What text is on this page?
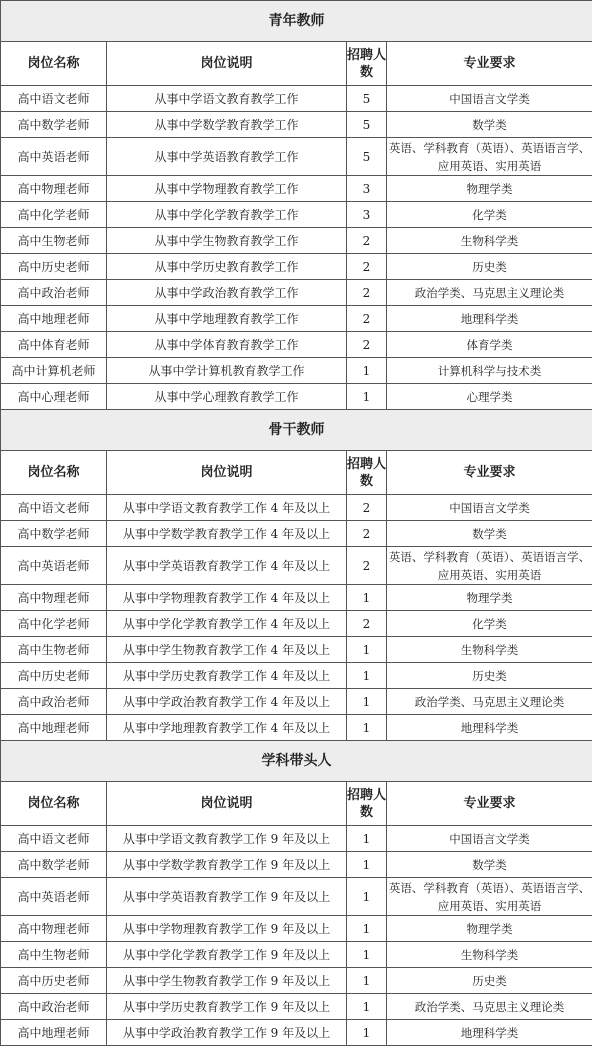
青年教师			
岗位名称	岗位说明	招聘人数	专业要求
高中语文老师	从事中学语文教育教学工作	5	中国语言文学类
高中数学老师	从事中学数学教育教学工作	5	数学类
高中英语老师	从事中学英语教育教学工作	5	英语、学科教育（英语）、英语语言学、应用英语、实用英语
高中物理老师	从事中学物理教育教学工作	3	物理学类
高中化学老师	从事中学化学教育教学工作	3	化学类
高中生物老师	从事中学生物教育教学工作	2	生物科学类
高中历史老师	从事中学历史教育教学工作	2	历史类
高中政治老师	从事中学政治教育教学工作	2	政治学类、马克思主义理论类
高中地理老师	从事中学地理教育教学工作	2	地理科学类
高中体育老师	从事中学体育教育教学工作	2	体育学类
高中计算机老师	从事中学计算机教育教学工作	1	计算机科学与技术类
高中心理老师	从事中学心理教育教学工作	1	心理学类
骨干教师			
岗位名称	岗位说明	招聘人数	专业要求
高中语文老师	从事中学语文教育教学工作 4 年及以上	2	中国语言文学类
高中数学老师	从事中学数学教育教学工作 4 年及以上	2	数学类
高中英语老师	从事中学英语教育教学工作 4 年及以上	2	英语、学科教育（英语）、英语语言学、应用英语、实用英语
高中物理老师	从事中学物理教育教学工作 4 年及以上	1	物理学类
高中化学老师	从事中学化学教育教学工作 4 年及以上	2	化学类
高中生物老师	从事中学生物教育教学工作 4 年及以上	1	生物科学类
高中历史老师	从事中学历史教育教学工作 4 年及以上	1	历史类
高中政治老师	从事中学政治教育教学工作 4 年及以上	1	政治学类、马克思主义理论类
高中地理老师	从事中学地理教育教学工作 4 年及以上	1	地理科学类
学科带头人			
岗位名称	岗位说明	招聘人数	专业要求
高中语文老师	从事中学语文教育教学工作 9 年及以上	1	中国语言文学类
高中数学老师	从事中学数学教育教学工作 9 年及以上	1	数学类
高中英语老师	从事中学英语教育教学工作 9 年及以上	1	英语、学科教育（英语）、英语语言学、应用英语、实用英语
高中物理老师	从事中学物理教育教学工作 9 年及以上	1	物理学类
高中生物老师	从事中学化学教育教学工作 9 年及以上	1	生物科学类
高中历史老师	从事中学生物教育教学工作 9 年及以上	1	历史类
高中政治老师	从事中学历史教育教学工作 9 年及以上	1	政治学类、马克思主义理论类
高中地理老师	从事中学政治教育教学工作 9 年及以上	1	地理科学类
